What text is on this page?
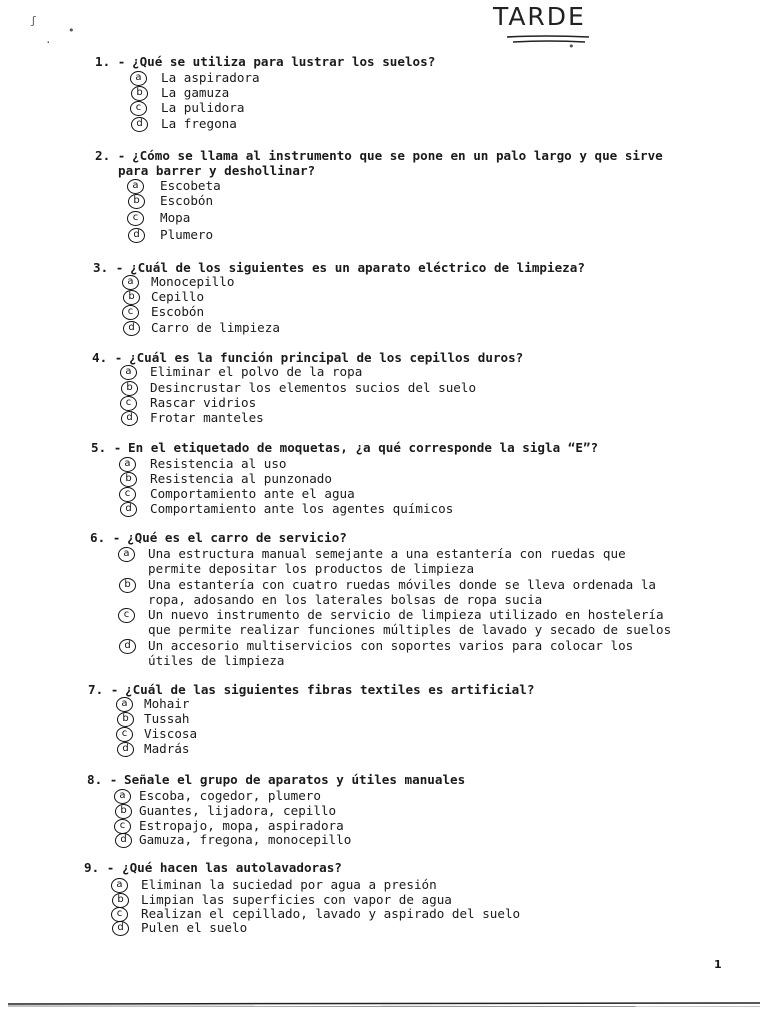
TARDE
ʃ
•
·	•
1. - ¿Qué se utiliza para lustrar los suelos?
a	La aspiradora
b	La gamuza
c	La pulidora
d	La fregona
2. - ¿Cómo se llama al instrumento que se pone en un palo largo y que sirve
para barrer y deshollinar?
a	Escobeta
b	Escobón
c	Mopa
d	Plumero
3. - ¿Cuál de los siguientes es un aparato eléctrico de limpieza?
a	Monocepillo
b	Cepillo
c	Escobón
d	Carro de limpieza
4. - ¿Cuál es la función principal de los cepillos duros?
a	Eliminar el polvo de la ropa
b	Desincrustar los elementos sucios del suelo
c	Rascar vidrios
d	Frotar manteles
5. - En el etiquetado de moquetas, ¿a qué corresponde la sigla “E”?
a	Resistencia al uso
b	Resistencia al punzonado
c	Comportamiento ante el agua
d	Comportamiento ante los agentes químicos
6. - ¿Qué es el carro de servicio?
a	Una estructura manual semejante a una estantería con ruedas que
permite depositar los productos de limpieza
b	Una estantería con cuatro ruedas móviles donde se lleva ordenada la
ropa, adosando en los laterales bolsas de ropa sucia
c	Un nuevo instrumento de servicio de limpieza utilizado en hostelería
que permite realizar funciones múltiples de lavado y secado de suelos
d	Un accesorio multiservicios con soportes varios para colocar los
útiles de limpieza
7. - ¿Cuál de las siguientes fibras textiles es artificial?
a	Mohair
b	Tussah
c	Viscosa
d	Madrás
8. - Señale el grupo de aparatos y útiles manuales
a	Escoba, cogedor, plumero
b Guantes, lijadora, cepillo
c	Estropajo, mopa, aspiradora
d Gamuza, fregona, monocepillo
9. - ¿Qué hacen las autolavadoras?
a	Eliminan la suciedad por agua a presión
b	Limpian las superficies con vapor de agua
c	Realizan el cepillado, lavado y aspirado del suelo
d	Pulen el suelo
1
